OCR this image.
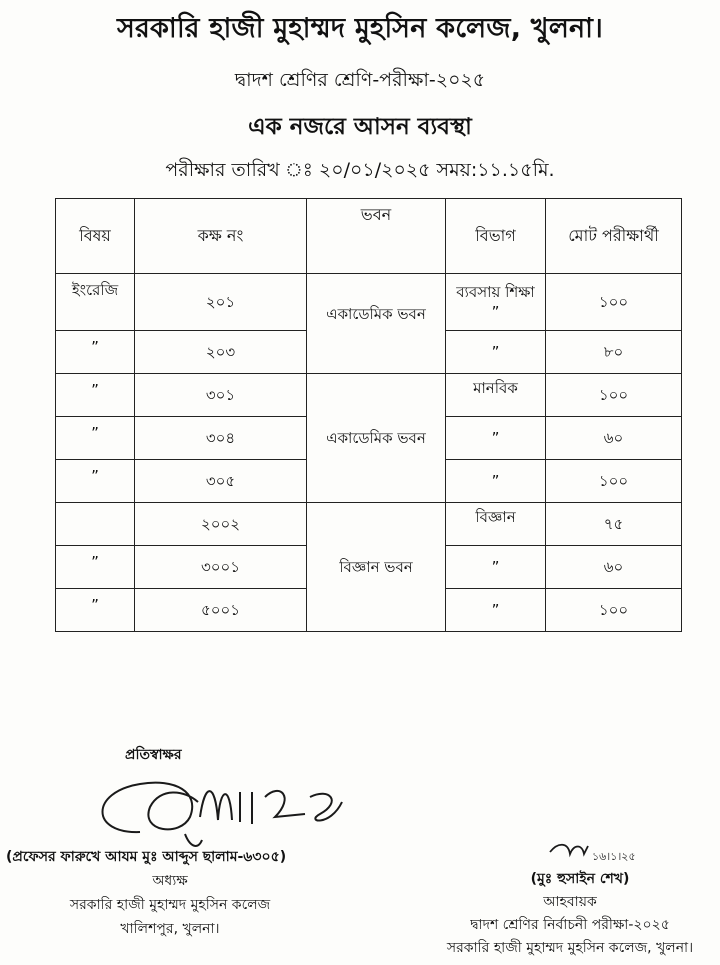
সরকারি হাজী মুহাম্মদ মুহসিন কলেজ, খুলনা।
দ্বাদশ শ্রেণির শ্রেণি-পরীক্ষা-২০২৫
এক নজরে আসন ব্যবস্থা
পরীক্ষার তারিখ ঃ ২০/০১/২০২৫ সময়:১১.১৫মি.
বিষয়	কক্ষ নং	ভবন	বিভাগ	মোট পরীক্ষার্থী
ইংরেজি	২০১	একাডেমিক ভবন	ব্যবসায় শিক্ষা ”	১০০
”	২০৩		”	৮০
”	৩০১	একাডেমিক ভবন	মানবিক	১০০
”	৩০৪		”	৬০
”	৩০৫		”	১০০
	২০০২	বিজ্ঞান ভবন	বিজ্ঞান	৭৫
”	৩০০১		”	৬০
”	৫০০১		”	১০০
প্রতিস্বাক্ষর
(প্রফেসর ফারুখে আযম মুঃ আব্দুস ছালাম-৬৩০৫)
অধ্যক্ষ
সরকারি হাজী মুহাম্মদ মুহসিন কলেজ
খালিশপুর, খুলনা।
১৬।১।২৫
(মুঃ হুসাইন শেখ)
আহবায়ক
দ্বাদশ শ্রেণির নির্বাচনী পরীক্ষা-২০২৫
সরকারি হাজী মুহাম্মদ মুহসিন কলেজ, খুলনা।
